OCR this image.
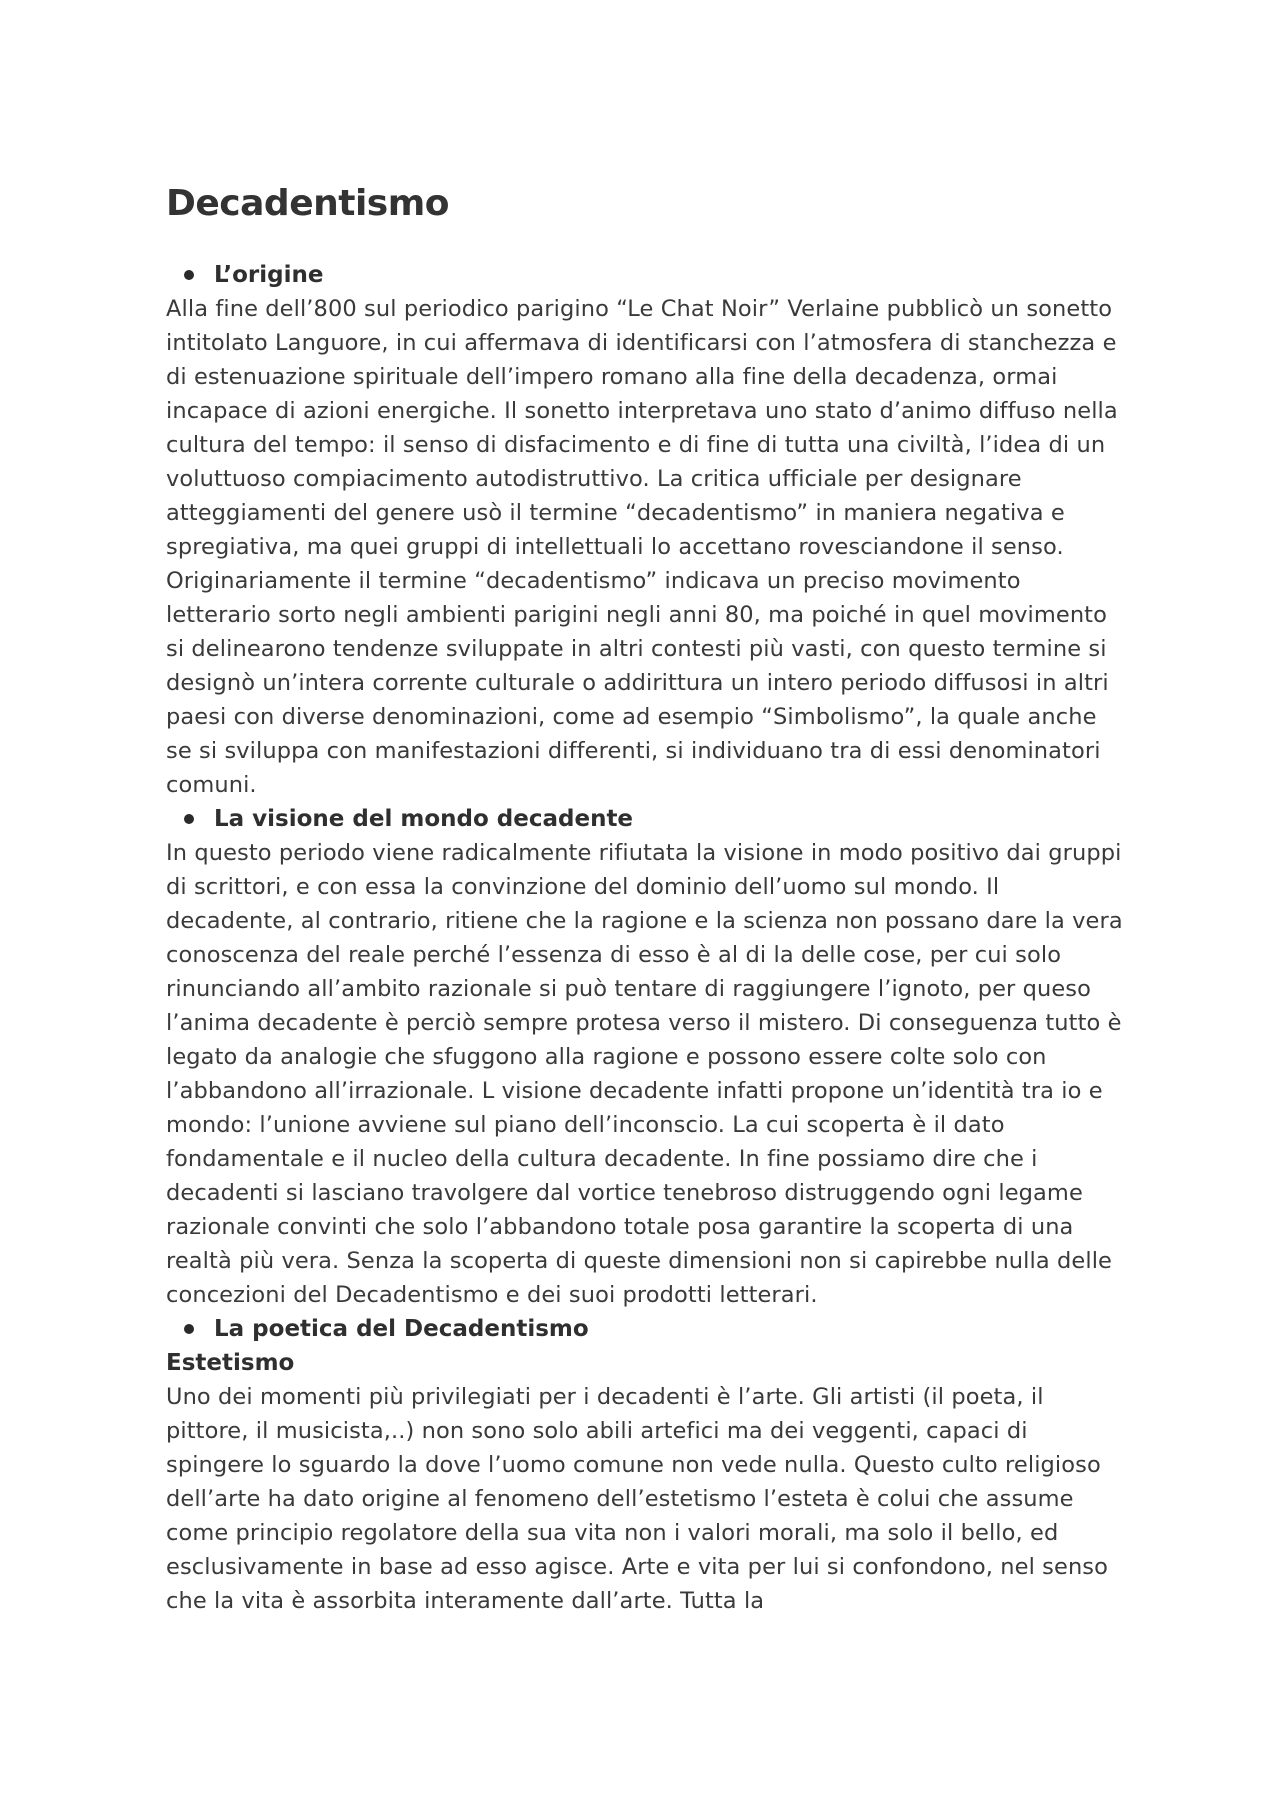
Decadentismo
L’origine

Alla fine dell’800 sul periodico parigino “Le Chat Noir” Verlaine pubblicò un sonetto intitolato Languore, in cui affermava di identificarsi con l’atmosfera di stanchezza e di estenuazione spirituale dell’impero romano alla fine della decadenza, ormai incapace di azioni energiche. Il sonetto interpretava uno stato d’animo diffuso nella cultura del tempo: il senso di disfacimento e di fine di tutta una civiltà, l’idea di un voluttuoso compiacimento autodistruttivo. La critica ufficiale per designare atteggiamenti del genere usò il termine “decadentismo” in maniera negativa e spregiativa, ma quei gruppi di intellettuali lo accettano rovesciandone il senso. Originariamente il termine “decadentismo” indicava un preciso movimento letterario sorto negli ambienti parigini negli anni 80, ma poiché in quel movimento si delinearono tendenze sviluppate in altri contesti più vasti, con questo termine si designò un’intera corrente culturale o addirittura un intero periodo diffusosi in altri paesi con diverse denominazioni, come ad esempio “Simbolismo”, la quale anche se si sviluppa con manifestazioni differenti, si individuano tra di essi denominatori comuni.

La visione del mondo decadente

In questo periodo viene radicalmente rifiutata la visione in modo positivo dai gruppi di scrittori, e con essa la convinzione del dominio dell’uomo sul mondo. Il decadente, al contrario, ritiene che la ragione e la scienza non possano dare la vera conoscenza del reale perché l’essenza di esso è al di la delle cose, per cui solo rinunciando all’ambito razionale si può tentare di raggiungere l’ignoto, per queso l’anima decadente è perciò sempre protesa verso il mistero. Di conseguenza tutto è legato da analogie che sfuggono alla ragione e possono essere colte solo con l’abbandono all’irrazionale. L visione decadente infatti propone un’identità tra io e mondo: l’unione avviene sul piano dell’inconscio. La cui scoperta è il dato fondamentale e il nucleo della cultura decadente. In fine possiamo dire che i decadenti si lasciano travolgere dal vortice tenebroso distruggendo ogni legame razionale convinti che solo l’abbandono totale posa garantire la scoperta di una realtà più vera. Senza la scoperta di queste dimensioni non si capirebbe nulla delle concezioni del Decadentismo e dei suoi prodotti letterari.

La poetica del Decadentismo
Estetismo

Uno dei momenti più privilegiati per i decadenti è l’arte. Gli artisti (il poeta, il pittore, il musicista,..) non sono solo abili artefici ma dei veggenti, capaci di spingere lo sguardo la dove l’uomo comune non vede nulla. Questo culto religioso dell’arte ha dato origine al fenomeno dell’estetismo l’esteta è colui che assume come principio regolatore della sua vita non i valori morali, ma solo il bello, ed esclusivamente in base ad esso agisce. Arte e vita per lui si confondono, nel senso che la vita è assorbita interamente dall’arte. Tutta la
